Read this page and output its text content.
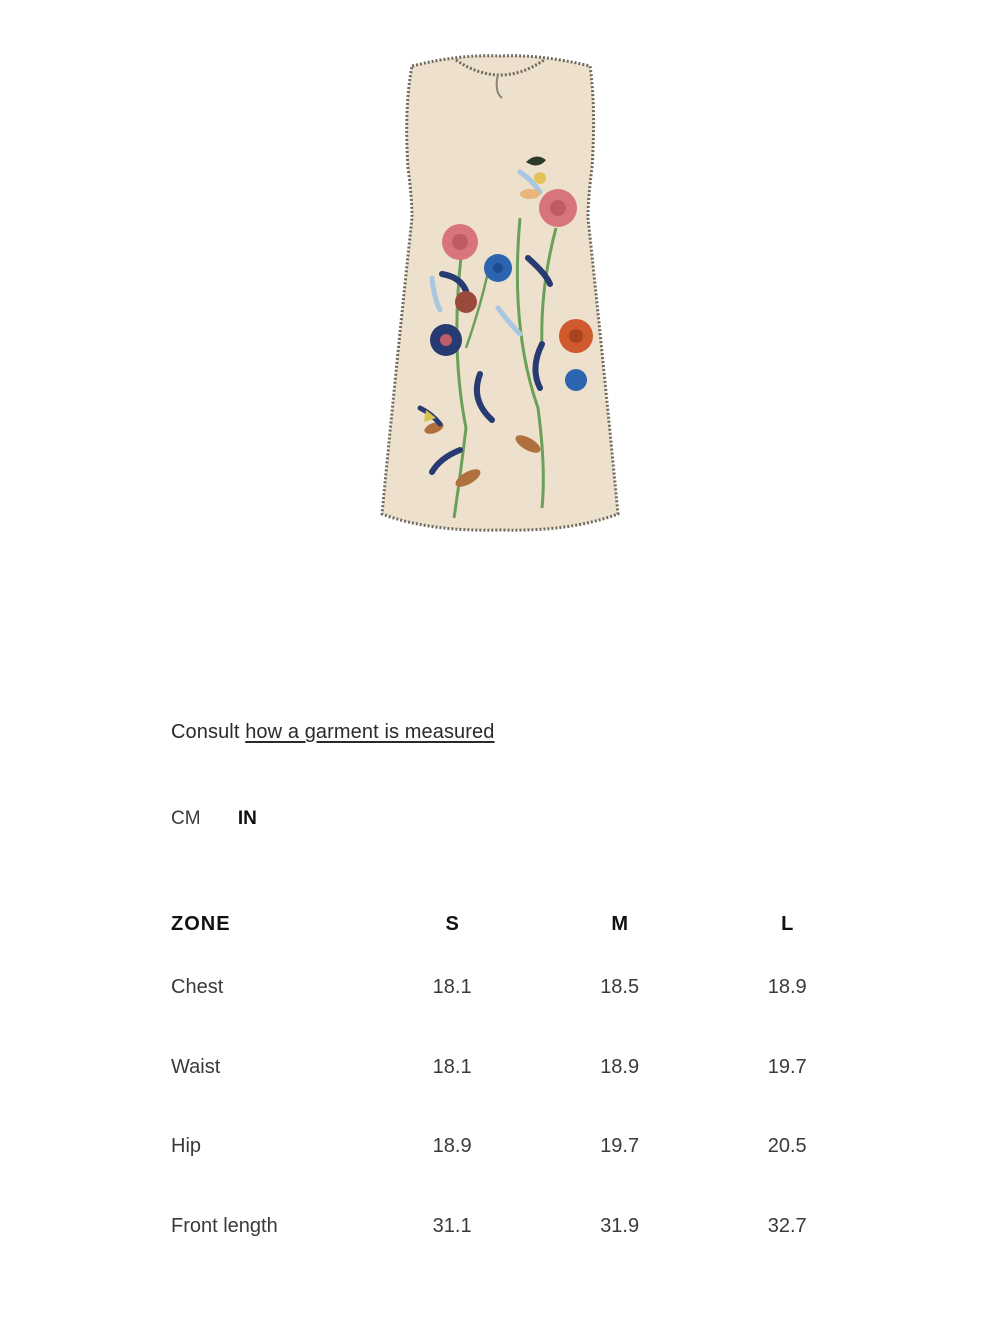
Consult how a garment is measured
CM IN
ZONE	S	M	L
Chest	18.1	18.5	18.9
Waist	18.1	18.9	19.7
Hip	18.9	19.7	20.5
Front length	31.1	31.9	32.7
